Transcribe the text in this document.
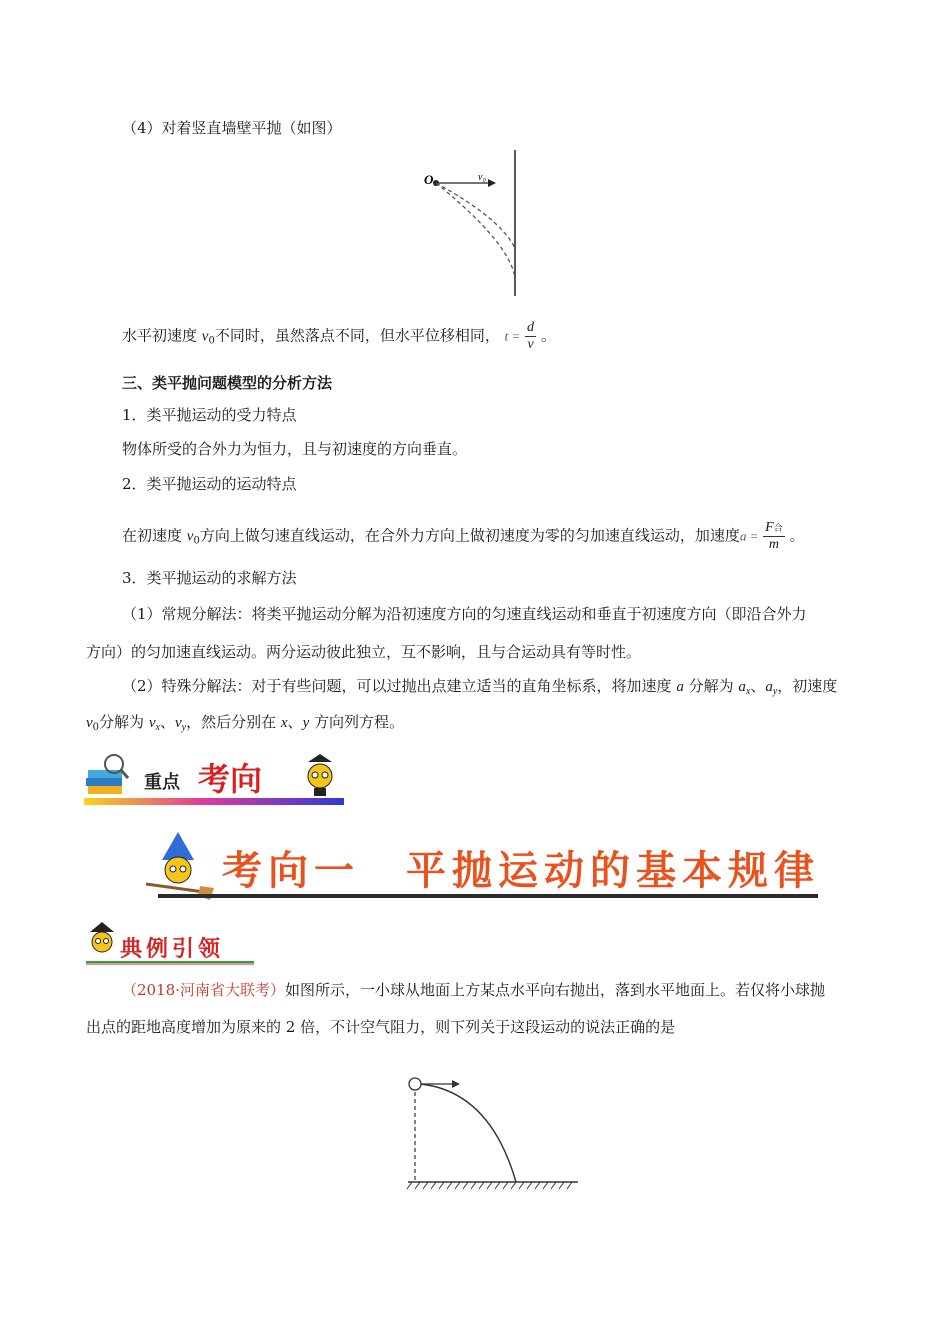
（4）对着竖直墙壁平抛（如图）
O	v₀
水平初速度 $v_0$不同时，虽然落点不同，但水平位移相同， $t = \frac{d}{v}$ 。
三、类平抛问题模型的分析方法
1．类平抛运动的受力特点
物体所受的合外力为恒力，且与初速度的方向垂直。
2．类平抛运动的运动特点
在初速度 $v_0$方向上做匀速直线运动，在合外力方向上做初速度为零的匀加速直线运动，加速度$a = \frac{\text{F合}}{m}$ 。
3．类平抛运动的求解方法
（1）常规分解法：将类平抛运动分解为沿初速度方向的匀速直线运动和垂直于初速度方向（即沿合外力
方向）的匀加速直线运动。两分运动彼此独立，互不影响，且与合运动具有等时性。
（2）特殊分解法：对于有些问题，可以过抛出点建立适当的直角坐标系，将加速度 a 分解为 $a_x$、$a_y$，初速度
$v_0$分解为 $v_x$、$v_y$，然后分别在 x、y 方向列方程。
重点 考向
考向一　平抛运动的基本规律
典例引领
（2018·河南省大联考）如图所示，一小球从地面上方某点水平向右抛出，落到水平地面上。若仅将小球抛
出点的距地高度增加为原来的 2 倍，不计空气阻力，则下列关于这段运动的说法正确的是
